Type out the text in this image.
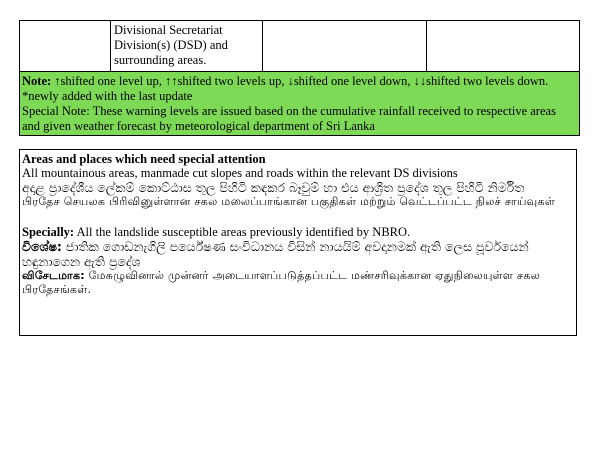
	Divisional Secretariat Division(s) (DSD) and surrounding areas.		

Note: ↑shifted one level up, ↑↑shifted two levels up, ↓shifted one level down, ↓↓shifted two levels down.
*newly added with the last update
Special Note: These warning levels are issued based on the cumulative rainfall received to respective areas and given weather forecast by meteorological department of Sri Lanka
Areas and places which need special attention
All mountainous areas, manmade cut slopes and roads within the relevant DS divisions
අදාළ ප්‍රාදේශීය ලේකම් කොට්ඨාස තුල පිහිටි කඳකර බෑවුම් හා එය ආශ්‍රිත ප්‍රදේශ තුල පිහිටි නිර්මිත
பிரதேச செயலக பிரிவினுள்ளான சகல மலைப்பாங்கான பகுதிகள் மற்றும் வெட்டப்பட்ட நிலச் சாய்வுகள்
Specially: All the landslide susceptible areas previously identified by NBRO.
විශේෂ: ජාතික ගොඩනැගිලි පර්යේෂණ සංවිධානය විසින් නායයිම් අවදානමක් ඇති ලෙස පූර්වයෙන් හඳුනාගෙන ඇති ප්‍රදේශ
விசேடமாக: மேசுழுவினால் முன்னர் அடையாளப்படுத்தப்பட்ட மண்சரிவுக்கான ஏதுநிலையுள்ள சகல பிரதேசங்கள்.
